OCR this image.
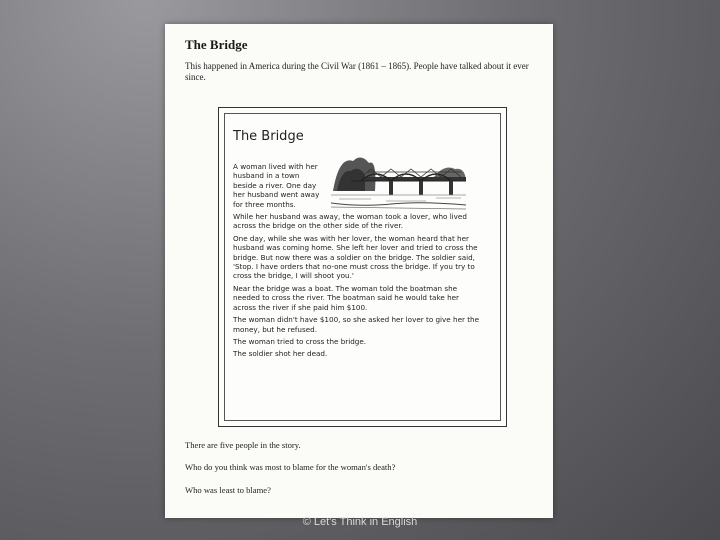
The Bridge

This happened in America during the Civil War (1861 – 1865). People have talked about it ever since.

The Bridge

A woman lived with her husband in a town beside a river. One day her husband went away for three months.

While her husband was away, the woman took a lover, who lived across the bridge on the other side of the river.

One day, while she was with her lover, the woman heard that her husband was coming home. She left her lover and tried to cross the bridge. But now there was a soldier on the bridge. The soldier said, 'Stop. I have orders that no-one must cross the bridge. If you try to cross the bridge, I will shoot you.'

Near the bridge was a boat. The woman told the boatman she needed to cross the river. The boatman said he would take her across the river if she paid him $100.

The woman didn't have $100, so she asked her lover to give her the money, but he refused.

The woman tried to cross the bridge.

The soldier shot her dead.

There are five people in the story.

Who do you think was most to blame for the woman's death?

Who was least to blame?

© Let's Think in English
